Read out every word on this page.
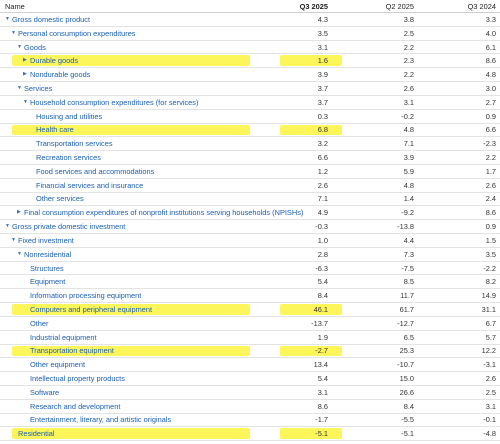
Name	Q3 2025	Q2 2025	Q3 2024
▼ Gross domestic product	4.3	3.8	3.3
▼ Personal consumption expenditures	3.5	2.5	4.0
▼ Goods	3.1	2.2	6.1
▶ Durable goods	1.6	2.3	8.6
▶ Nondurable goods	3.9	2.2	4.8
▼ Services	3.7	2.6	3.0
▼ Household consumption expenditures (for services)	3.7	3.1	2.7
Housing and utilities	0.3	-0.2	0.9
Health care	6.8	4.8	6.6
Transportation services	3.2	7.1	-2.3
Recreation services	6.6	3.9	2.2
Food services and accommodations	1.2	5.9	1.7
Financial services and insurance	2.6	4.8	2.6
Other services	7.1	1.4	2.4
▶ Final consumption expenditures of nonprofit institutions serving households (NPISHs) 4.9	-9.2	8.6
▼ Gross private domestic investment	-0.3	-13.8	0.9
▼ Fixed investment	1.0	4.4	1.5
▼ Nonresidential	2.8	7.3	3.5
Structures	-6.3	-7.5	-2.2
Equipment	5.4	8.5	8.2
Information processing equipment	8.4	11.7	14.9
Computers and peripheral equipment	46.1	61.7	31.1
Other	-13.7	-12.7	6.7
Industrial equipment	1.9	6.5	5.7
Transportation equipment	-2.7	25.3	12.2
Other equipment	13.4	-10.7	-3.1
Intellectual property products	5.4	15.0	2.6
Software	3.1	26.6	2.5
Research and development	8.6	8.4	3.1
Entertainment, literary, and artistic originals	-1.7	-5.5	-0.1
Residential	-5.1	-5.1	-4.8
